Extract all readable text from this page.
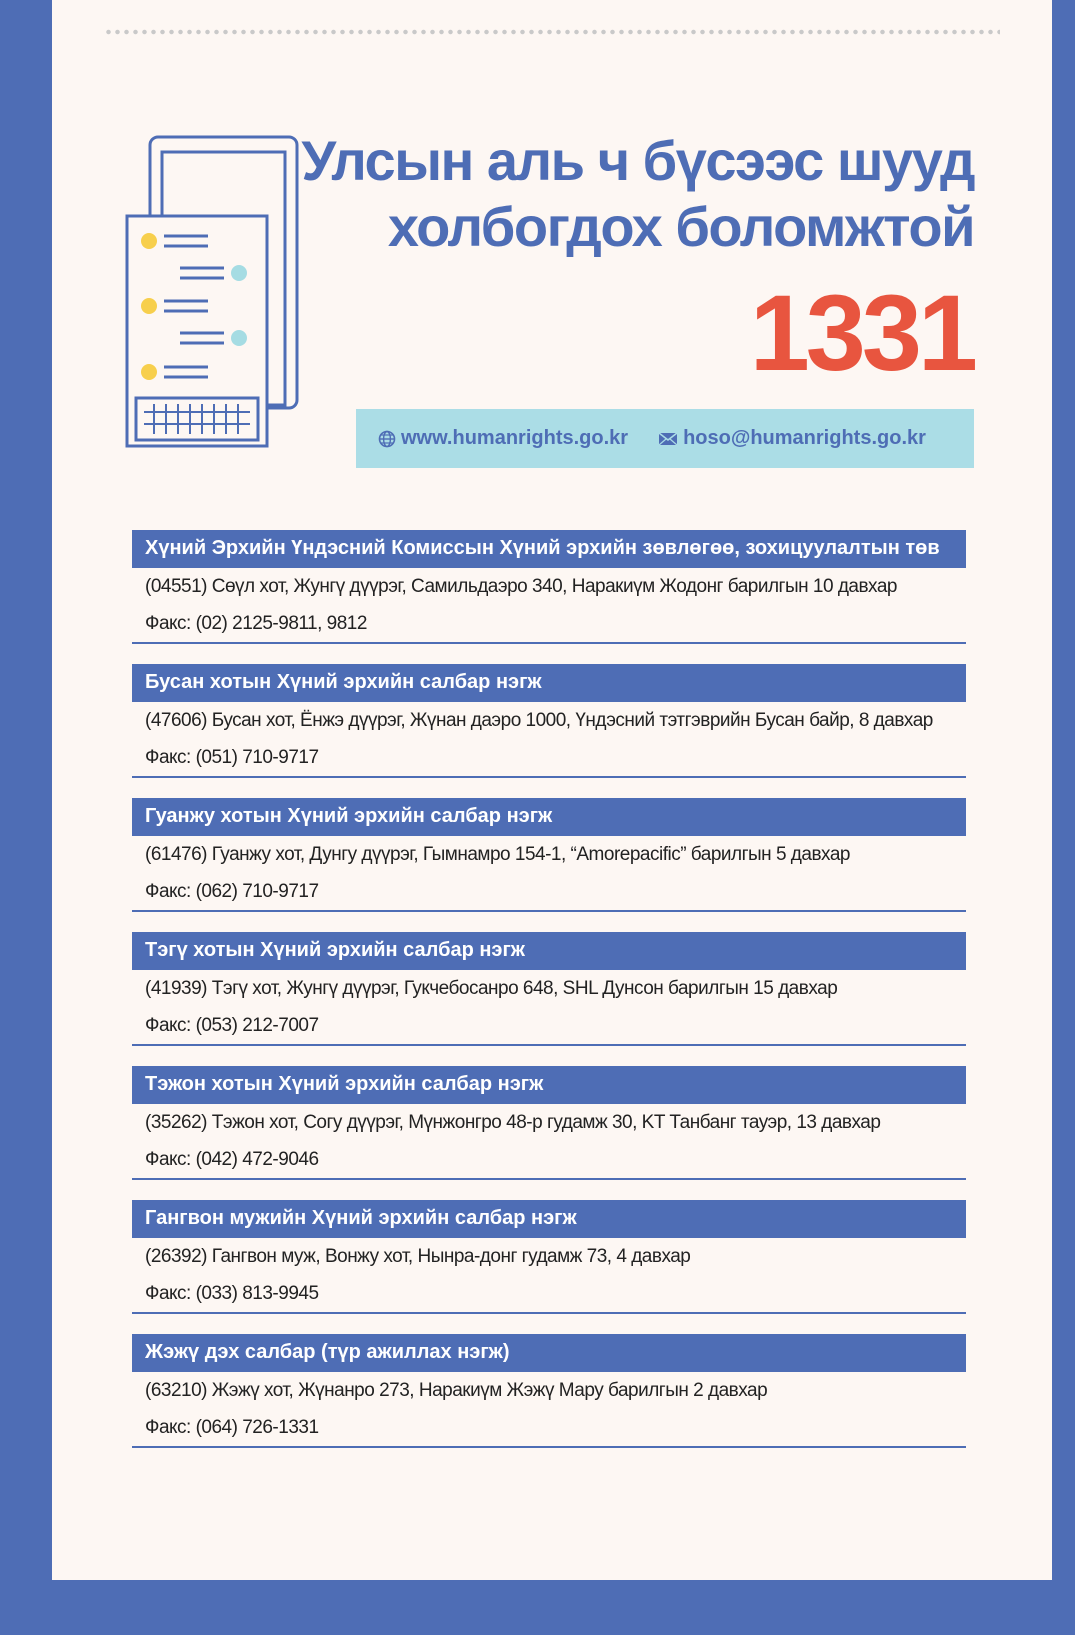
Улсын аль ч бүсээс шууд
холбогдох боломжтой
1331
www.humanrights.go.kr	hoso@humanrights.go.kr
Хүний Эрхийн Үндэсний Комиссын Хүний эрхийн зөвлөгөө, зохицуулалтын төв
(04551) Сөүл хот, Жунгү дүүрэг, Самильдаэро 340, Наракиүм Жодонг барилгын 10 давхар
Факс: (02) 2125-9811, 9812
Бусан хотын Хүний эрхийн салбар нэгж
(47606) Бусан хот, Ёнжэ дүүрэг, Жүнан даэро 1000, Үндэсний тэтгэврийн Бусан байр, 8 давхар
Факс: (051) 710-9717
Гуанжу хотын Хүний эрхийн салбар нэгж
(61476) Гуанжу хот, Дунгу дүүрэг, Гымнамро 154-1, “Amorepacific” барилгын 5 давхар
Факс: (062) 710-9717
Тэгү хотын Хүний эрхийн салбар нэгж
(41939) Тэгү хот, Жунгү дүүрэг, Гукчебосанро 648, SHL Дунсон барилгын 15 давхар
Факс: (053) 212-7007
Тэжон хотын Хүний эрхийн салбар нэгж
(35262) Тэжон хот, Согу дүүрэг, Мүнжонгро 48-р гудамж 30, KT Танбанг тауэр, 13 давхар
Факс: (042) 472-9046
Гангвон мужийн Хүний эрхийн салбар нэгж
(26392) Гангвон муж, Вонжу хот, Нынра-донг гудамж 73, 4 давхар
Факс: (033) 813-9945
Жэжү дэх салбар (түр ажиллах нэгж)
(63210) Жэжү хот, Жүнанро 273, Наракиүм Жэжү Мару барилгын 2 давхар
Факс: (064) 726-1331
